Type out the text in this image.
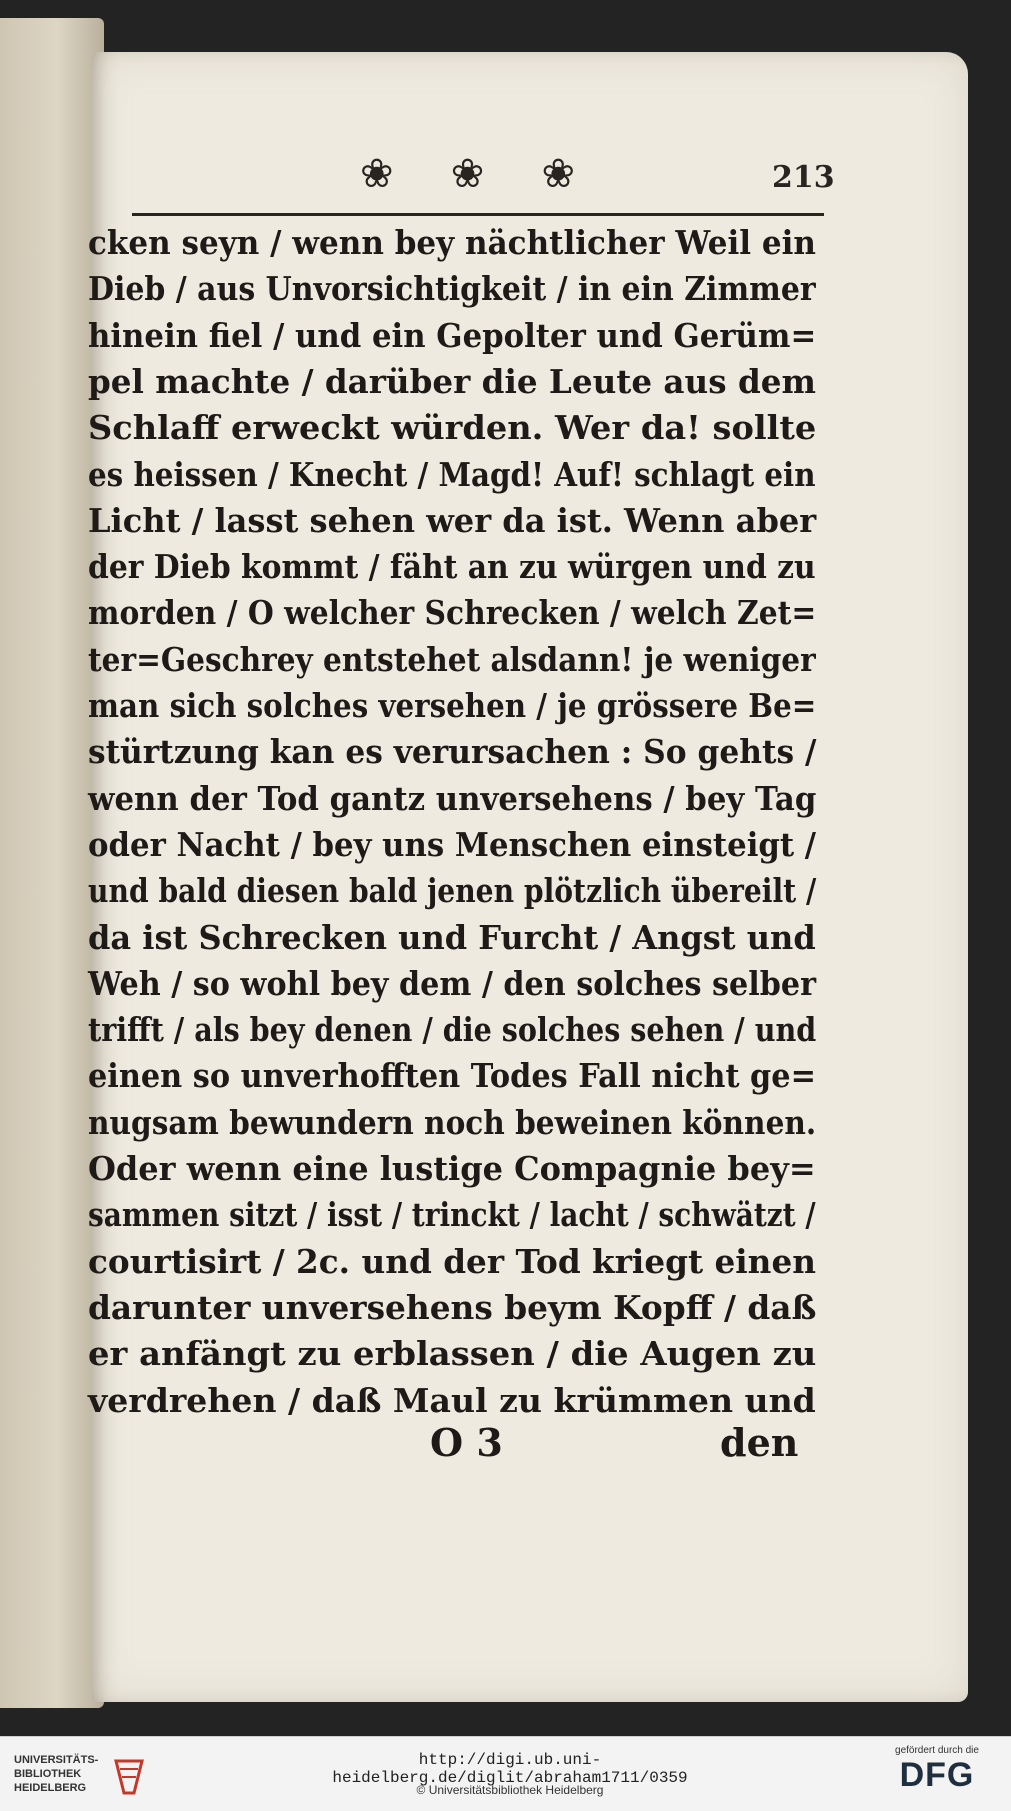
❀ ❀ ❀	213
cken seyn / wenn bey nächtlicher Weil ein
Dieb / aus Unvorsichtigkeit / in ein Zimmer
hinein fiel / und ein Gepolter und Gerüm=
pel machte / darüber die Leute aus dem
Schlaff erweckt würden. Wer da! sollte
es heissen / Knecht / Magd! Auf! schlagt ein
Licht / lasst sehen wer da ist. Wenn aber
der Dieb kommt / fäht an zu würgen und zu
morden / O welcher Schrecken / welch Zet=
ter=Geschrey entstehet alsdann! je weniger
man sich solches versehen / je grössere Be=
stürtzung kan es verursachen : So gehts /
wenn der Tod gantz unversehens / bey Tag
oder Nacht / bey uns Menschen einsteigt /
und bald diesen bald jenen plötzlich übereilt /
da ist Schrecken und Furcht / Angst und
Weh / so wohl bey dem / den solches selber
trifft / als bey denen / die solches sehen / und
einen so unverhofften Todes Fall nicht ge=
nugsam bewundern noch beweinen können.
Oder wenn eine lustige Compagnie bey=
sammen sitzt / isst / trinckt / lacht / schwätzt /
courtisirt / 2c. und der Tod kriegt einen
darunter unversehens beym Kopff / daß
er anfängt zu erblassen / die Augen zu
verdrehen / daß Maul zu krümmen und
O 3	den
UNIVERSITÄTS-
BIBLIOTHEK
HEIDELBERG
http://digi.ub.uni-heidelberg.de/diglit/abraham1711/0359
© Universitätsbibliothek Heidelberg
gefördert durch die
DFG
